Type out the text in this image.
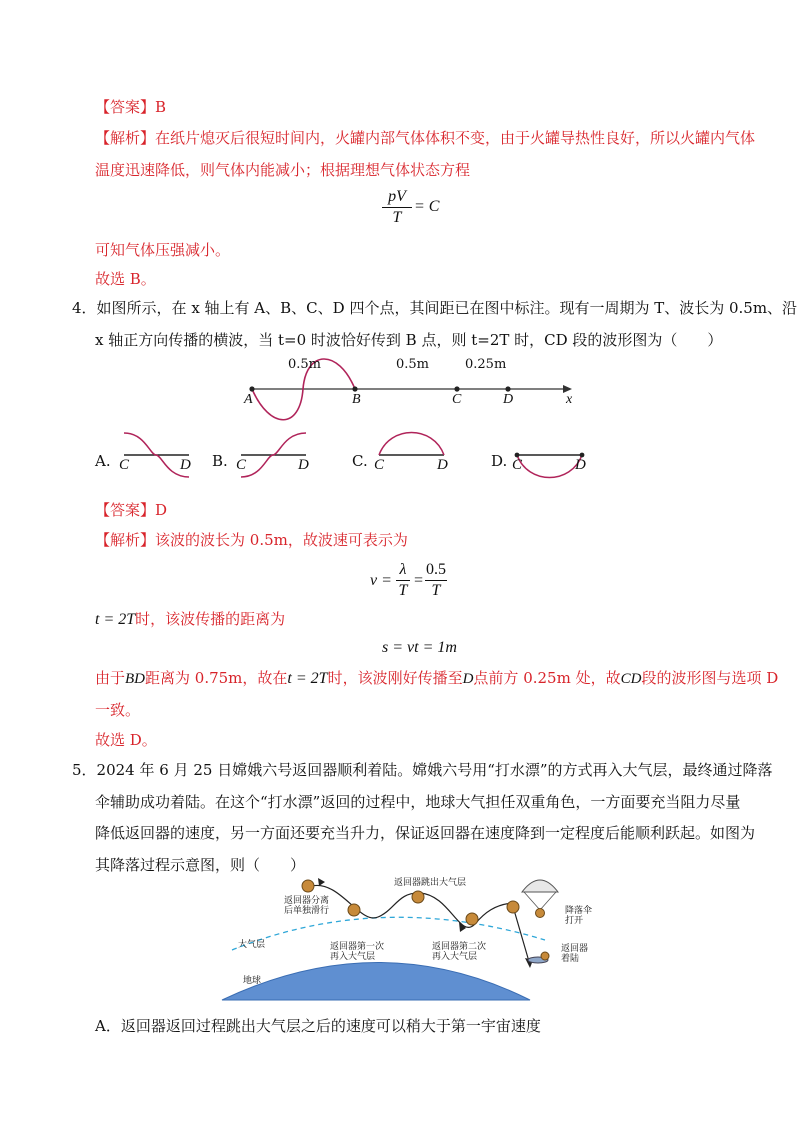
【答案】B
【解析】在纸片熄灭后很短时间内，火罐内部气体体积不变，由于火罐导热性良好，所以火罐内气体
温度迅速降低，则气体内能减小；根据理想气体状态方程
pV
T
= C
可知气体压强减小。
故选 B。
4．如图所示，在 x 轴上有 A、B、C、D 四个点，其间距已在图中标注。现有一周期为 T、波长为 0.5m、沿
x 轴正方向传播的横波，当 t=0 时波恰好传到 B 点，则 t=2T 时，CD 段的波形图为（　　）
0.5m	0.5m	0.25m
A	B	C	D	x
A. C	D B. C	D	C. C	D	D. C	D
【答案】D
【解析】该波的波长为 0.5m，故波速可表示为
v =
λ
T
=
0.5
T
t = 2T时，该波传播的距离为
s = vt = 1m
由于BD距离为 0.75m，故在t = 2T时，该波刚好传播至D点前方 0.25m 处，故CD段的波形图与选项 D
一致。
故选 D。
5．2024 年 6 月 25 日嫦娥六号返回器顺利着陆。嫦娥六号用“打水漂”的方式再入大气层，最终通过降落
伞辅助成功着陆。在这个“打水漂”返回的过程中，地球大气担任双重角色，一方面要充当阻力尽量
降低返回器的速度，另一方面还要充当升力，保证返回器在速度降到一定程度后能顺利跃起。如图为
其降落过程示意图，则（　　）
返回器分离
后单独滑行
返回器跳出大气层
降落伞
打开
大气层	返回器第一次
再入大气层
返回器第二次
再入大气层
返回器
着陆
地球
A．返回器返回过程跳出大气层之后的速度可以稍大于第一宇宙速度
